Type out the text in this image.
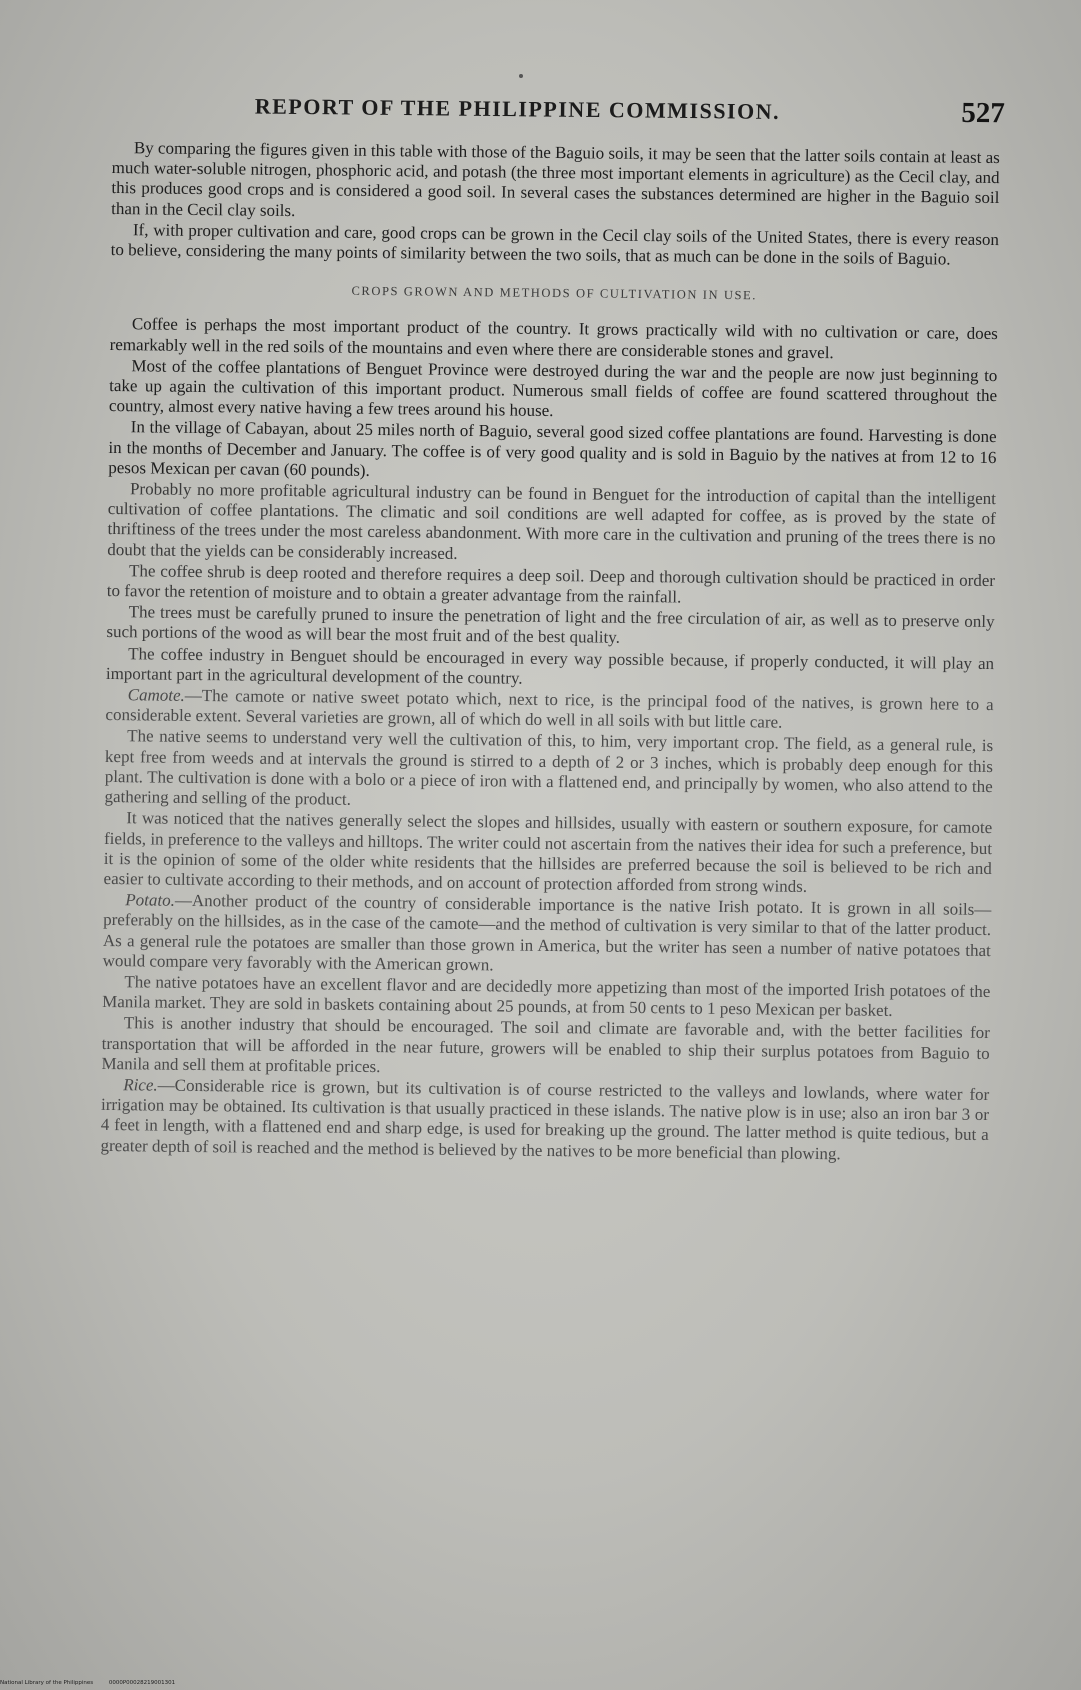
REPORT OF THE PHILIPPINE COMMISSION.	527

By comparing the figures given in this table with those of the Baguio soils, it may be seen that the latter soils contain at least as much water-soluble nitrogen, phosphoric acid, and potash (the three most important elements in agriculture) as the Cecil clay, and this produces good crops and is considered a good soil. In several cases the substances determined are higher in the Baguio soil than in the Cecil clay soils.

If, with proper cultivation and care, good crops can be grown in the Cecil clay soils of the United States, there is every reason to believe, considering the many points of similarity between the two soils, that as much can be done in the soils of Baguio.

CROPS GROWN AND METHODS OF CULTIVATION IN USE.

Coffee is perhaps the most important product of the country. It grows practically wild with no cultivation or care, does remarkably well in the red soils of the mountains and even where there are considerable stones and gravel.

Most of the coffee plantations of Benguet Province were destroyed during the war and the people are now just beginning to take up again the cultivation of this important product. Numerous small fields of coffee are found scattered throughout the country, almost every native having a few trees around his house.

In the village of Cabayan, about 25 miles north of Baguio, several good sized coffee plantations are found. Harvesting is done in the months of December and January. The coffee is of very good quality and is sold in Baguio by the natives at from 12 to 16 pesos Mexican per cavan (60 pounds).

Probably no more profitable agricultural industry can be found in Benguet for the introduction of capital than the intelligent cultivation of coffee plantations. The climatic and soil conditions are well adapted for coffee, as is proved by the state of thriftiness of the trees under the most careless abandonment. With more care in the cultivation and pruning of the trees there is no doubt that the yields can be considerably increased.

The coffee shrub is deep rooted and therefore requires a deep soil. Deep and thorough cultivation should be practiced in order to favor the retention of moisture and to obtain a greater advantage from the rainfall.

The trees must be carefully pruned to insure the penetration of light and the free circulation of air, as well as to preserve only such portions of the wood as will bear the most fruit and of the best quality.

The coffee industry in Benguet should be encouraged in every way possible because, if properly conducted, it will play an important part in the agricultural development of the country.

Camote.—The camote or native sweet potato which, next to rice, is the principal food of the natives, is grown here to a considerable extent. Several varieties are grown, all of which do well in all soils with but little care.

The native seems to understand very well the cultivation of this, to him, very important crop. The field, as a general rule, is kept free from weeds and at intervals the ground is stirred to a depth of 2 or 3 inches, which is probably deep enough for this plant. The cultivation is done with a bolo or a piece of iron with a flattened end, and principally by women, who also attend to the gathering and selling of the product.

It was noticed that the natives generally select the slopes and hillsides, usually with eastern or southern exposure, for camote fields, in preference to the valleys and hilltops. The writer could not ascertain from the natives their idea for such a preference, but it is the opinion of some of the older white residents that the hillsides are preferred because the soil is believed to be rich and easier to cultivate according to their methods, and on account of protection afforded from strong winds.

Potato.—Another product of the country of considerable importance is the native Irish potato. It is grown in all soils—preferably on the hillsides, as in the case of the camote—and the method of cultivation is very similar to that of the latter product. As a general rule the potatoes are smaller than those grown in America, but the writer has seen a number of native potatoes that would compare very favorably with the American grown.

The native potatoes have an excellent flavor and are decidedly more appetizing than most of the imported Irish potatoes of the Manila market. They are sold in baskets containing about 25 pounds, at from 50 cents to 1 peso Mexican per basket.

This is another industry that should be encouraged. The soil and climate are favorable and, with the better facilities for transportation that will be afforded in the near future, growers will be enabled to ship their surplus potatoes from Baguio to Manila and sell them at profitable prices.

Rice.—Considerable rice is grown, but its cultivation is of course restricted to the valleys and lowlands, where water for irrigation may be obtained. Its cultivation is that usually practiced in these islands. The native plow is in use; also an iron bar 3 or 4 feet in length, with a flattened end and sharp edge, is used for breaking up the ground. The latter method is quite tedious, but a greater depth of soil is reached and the method is believed by the natives to be more beneficial than plowing.

National Library of the Philippines	0000P00028219001301
